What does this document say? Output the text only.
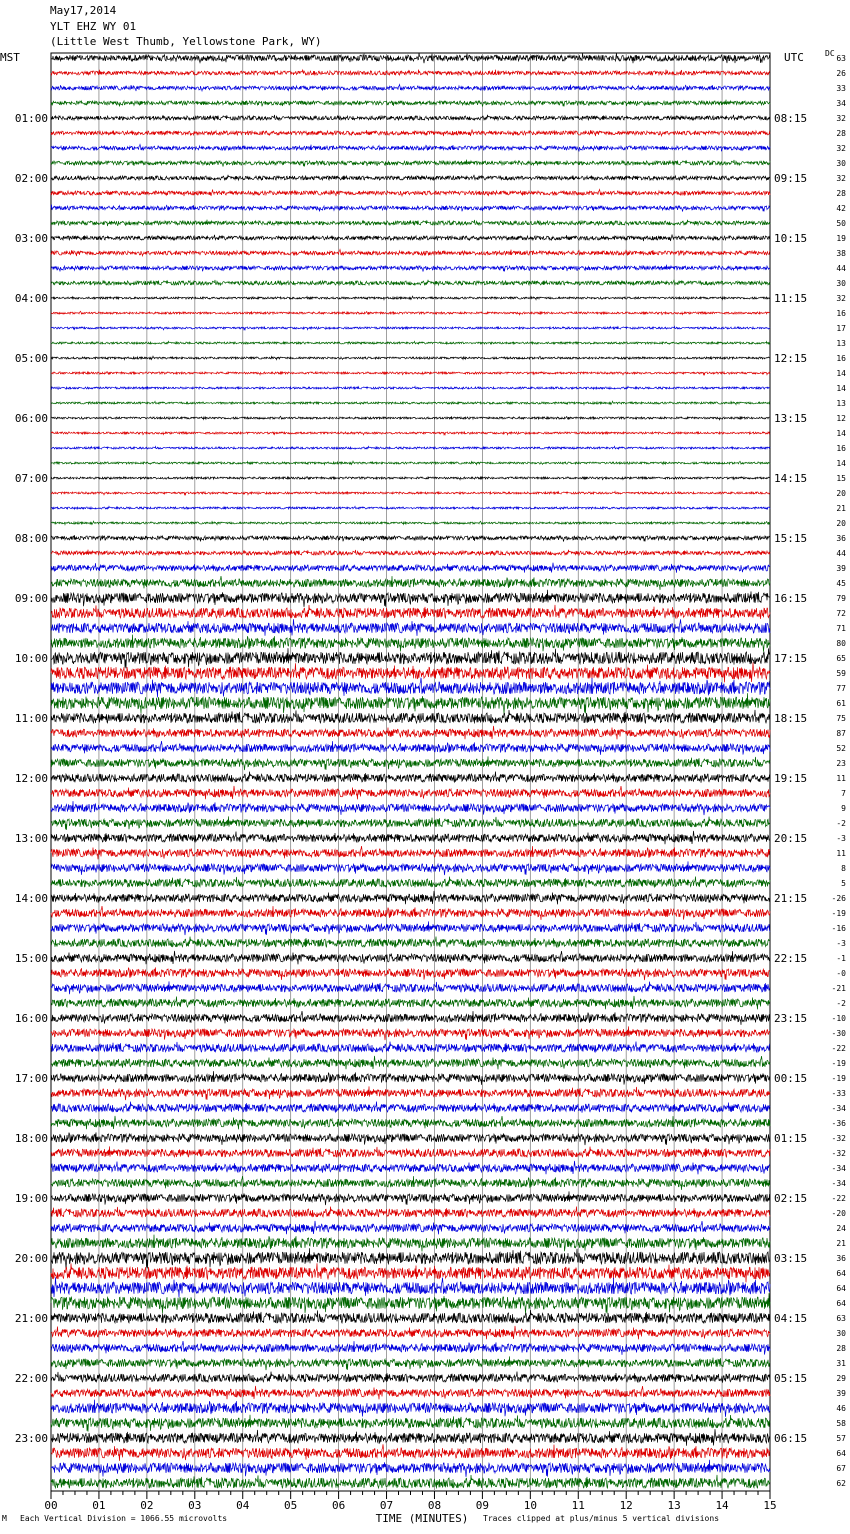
May17,2014
YLT EHZ WY 01
(Little West Thumb, Yellowstone Park, WY)
00	01	02	03	04	05	06	07	08	09	10	11	12	13	14	15
TIME (MINUTES)
MST	UTC	DC
63
26
33
34
32
28
32
30
32
28
42
50
19
38
44
30
32
16
17
13
16
14
14
13
12
14
16
14
15
20
21
20
36
44
39
45
79
72
71
80
65
59
77
61
75
87
52
23
11
7
9
-2
-3
11
8
5
-26
-19
-16
-3
-1
-0
-21
-2
-10
-30
-22
-19
-19
-33
-34
-36
-32
-32
-34
-34
-22
-20
24
21
36
64
64
64
63
30
28
31
29
39
46
58
57
64
67
62
01:00
02:00
03:00
04:00
05:00
06:00
07:00
08:00
09:00
10:00
11:00
12:00
13:00
14:00
15:00
16:00
17:00
18:00
19:00
20:00
21:00
22:00
23:00
08:15
09:15
10:15
11:15
12:15
13:15
14:15
15:15
16:15
17:15
18:15
19:15
20:15
21:15
22:15
23:15
00:15
01:15
02:15
03:15
04:15
05:15
06:15
M Each Vertical Division = 1066.55 microvolts	Traces clipped at plus/minus 5 vertical divisions
